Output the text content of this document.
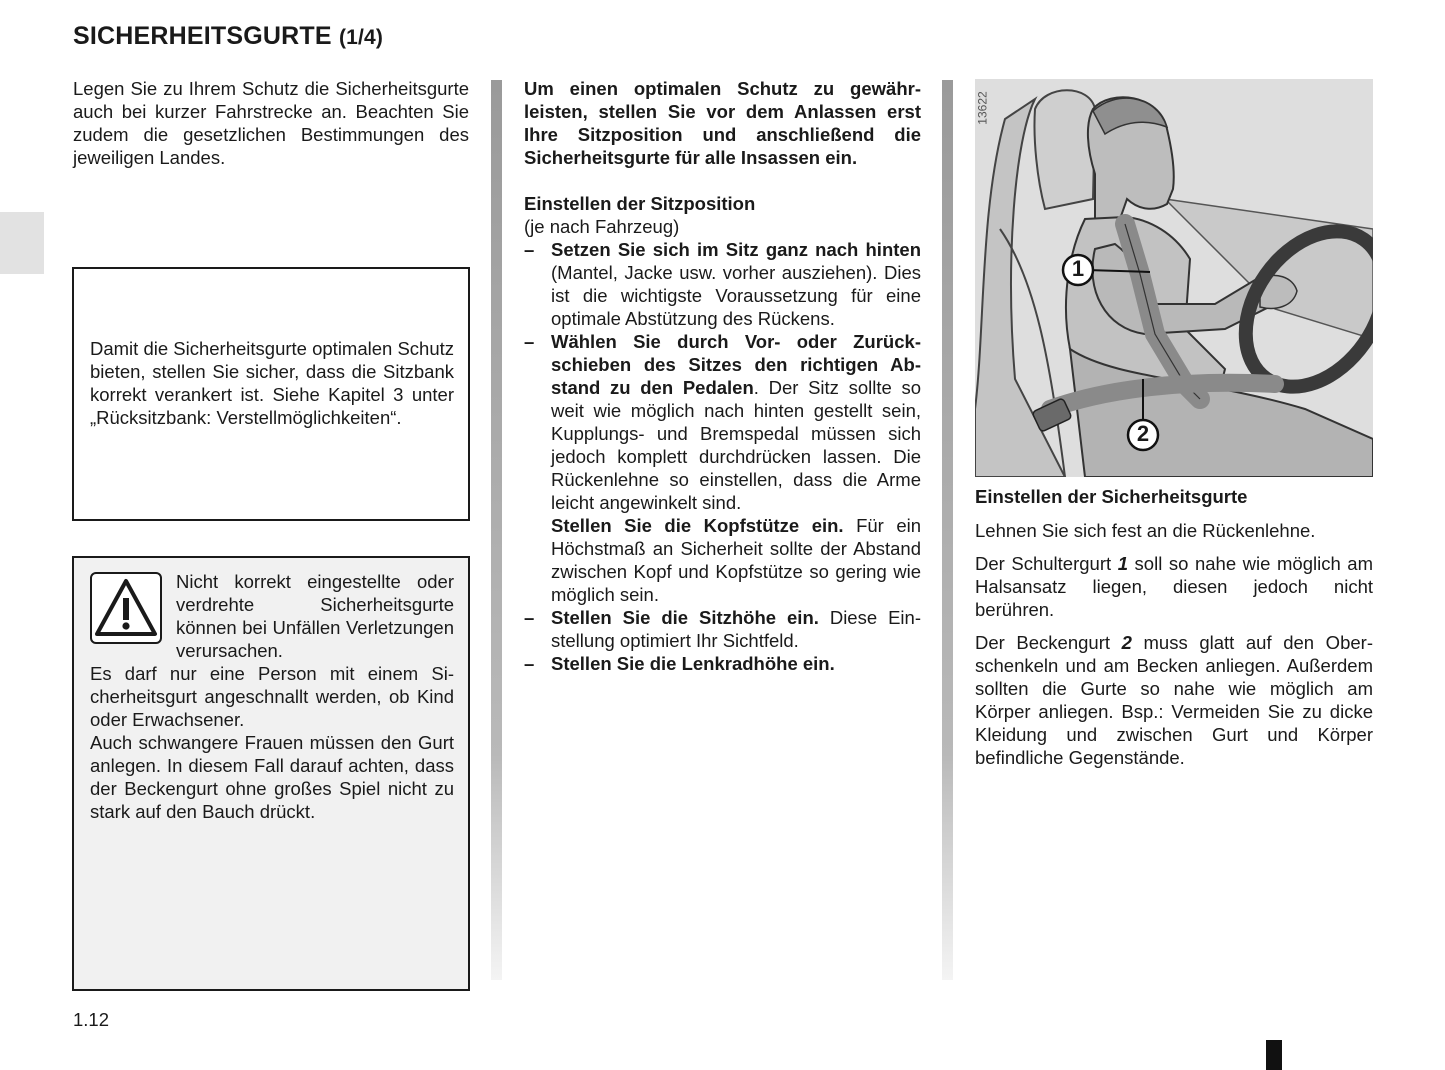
SICHERHEITSGURTE (1/4)

Legen Sie zu Ihrem Schutz die Sicherheitsgurte auch bei kurzer Fahrstrecke an. Beachten Sie zudem die gesetzlichen Bestimmungen des jeweiligen Landes.

Damit die Sicherheitsgurte optimalen Schutz bieten, stellen Sie sicher, dass die Sitzbank korrekt verankert ist. Siehe Kapitel 3 unter „Rücksitzbank: Verstellmöglichkeiten“.

Nicht korrekt eingestellte oder verdrehte Sicherheitsgurte können bei Unfällen Verletzungen verursachen.

Es darf nur eine Person mit einem Sicherheitsgurt angeschnallt werden, ob Kind oder Erwachsener.

Auch schwangere Frauen müssen den Gurt anlegen. In diesem Fall darauf achten, dass der Beckengurt ohne großes Spiel nicht zu stark auf den Bauch drückt.

Um einen optimalen Schutz zu gewährleisten, stellen Sie vor dem Anlassen erst Ihre Sitzposition und anschließend die Sicherheitsgurte für alle Insassen ein.

Einstellen der Sitzposition

(je nach Fahrzeug)

– Setzen Sie sich im Sitz ganz nach hinten (Mantel, Jacke usw. vorher ausziehen). Dies ist die wichtigste Voraussetzung für eine optimale Abstützung des Rückens.

– Wählen Sie durch Vor- oder Zurückschieben des Sitzes den richtigen Abstand zu den Pedalen. Der Sitz sollte so weit wie möglich nach hinten gestellt sein, Kupplungs- und Bremspedal müssen sich jedoch komplett durchdrücken lassen. Die Rückenlehne so einstellen, dass die Arme leicht angewinkelt sind.

Stellen Sie die Kopfstütze ein. Für ein Höchstmaß an Sicherheit sollte der Abstand zwischen Kopf und Kopfstütze so gering wie möglich sein.

– Stellen Sie die Sitzhöhe ein. Diese Einstellung optimiert Ihr Sichtfeld.

– Stellen Sie die Lenkradhöhe ein.

1
2
13622

Einstellen der Sicherheitsgurte

Lehnen Sie sich fest an die Rückenlehne.

Der Schultergurt 1 soll so nahe wie möglich am Halsansatz liegen, diesen jedoch nicht berühren.

Der Beckengurt 2 muss glatt auf den Oberschenkeln und am Becken anliegen. Außerdem sollten die Gurte so nahe wie möglich am Körper anliegen. Bsp.: Vermeiden Sie zu dicke Kleidung und zwischen Gurt und Körper befindliche Gegenstände.

1.12
